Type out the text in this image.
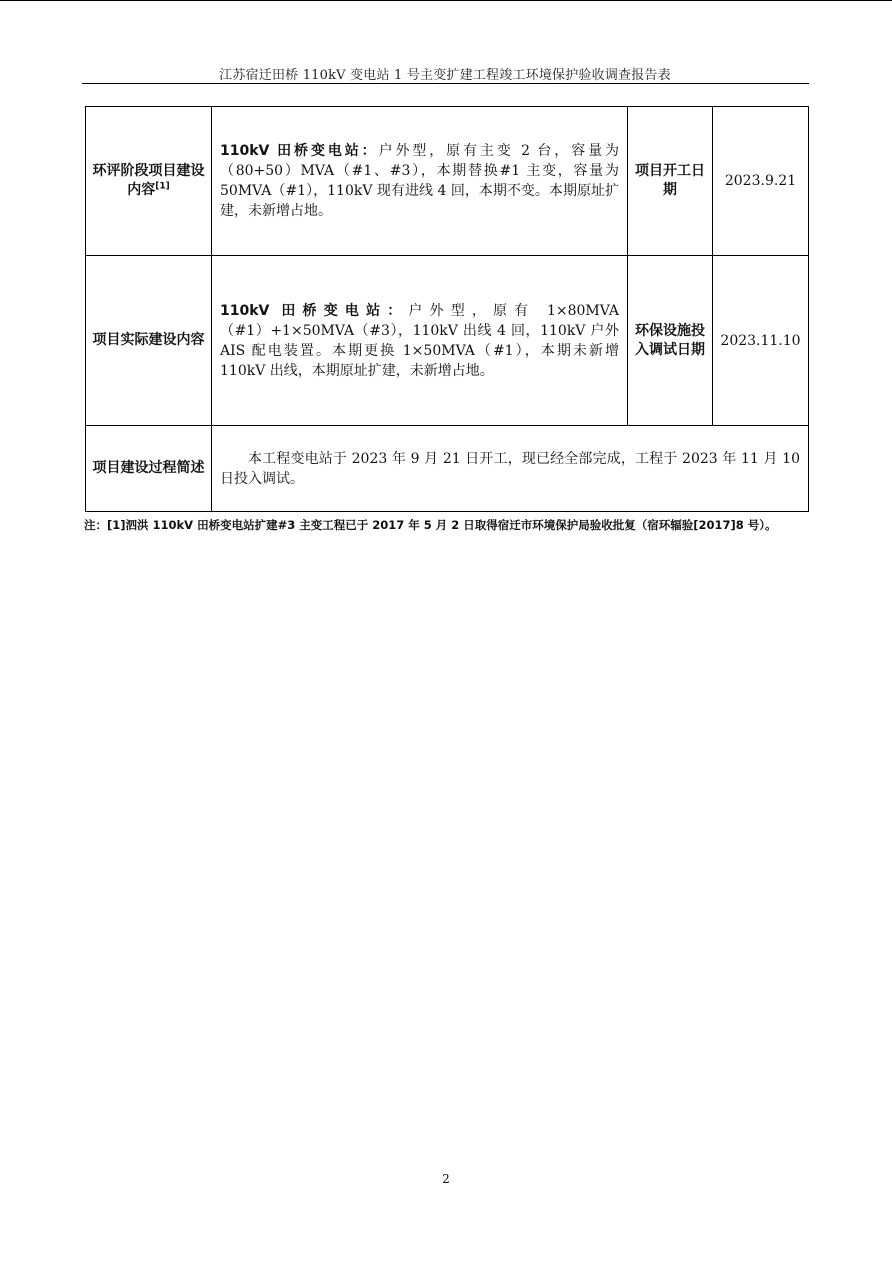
江苏宿迁田桥 110kV 变电站 1 号主变扩建工程竣工环境保护验收调查报告表
环评阶段项目建设内容[1]	110kV 田桥变电站：户外型，原有主变 2 台，容量为（80+50）MVA（#1、#3），本期替换#1 主变，容量为 50MVA（#1），110kV 现有进线 4 回，本期不变。本期原址扩建，未新增占地。	项目开工日期	2023.9.21
项目实际建设内容	110kV 田桥变电站：户外型，原有 1×80MVA（#1）+1×50MVA（#3），110kV 出线 4 回，110kV 户外 AIS 配电装置。本期更换 1×50MVA（#1），本期未新增 110kV 出线，本期原址扩建，未新增占地。	环保设施投入调试日期	2023.11.10
项目建设过程简述	本工程变电站于 2023 年 9 月 21 日开工，现已经全部完成，工程于 2023 年 11 月 10 日投入调试。		

注：[1]泗洪 110kV 田桥变电站扩建#3 主变工程已于 2017 年 5 月 2 日取得宿迁市环境保护局验收批复（宿环辐验[2017]8 号）。
2
